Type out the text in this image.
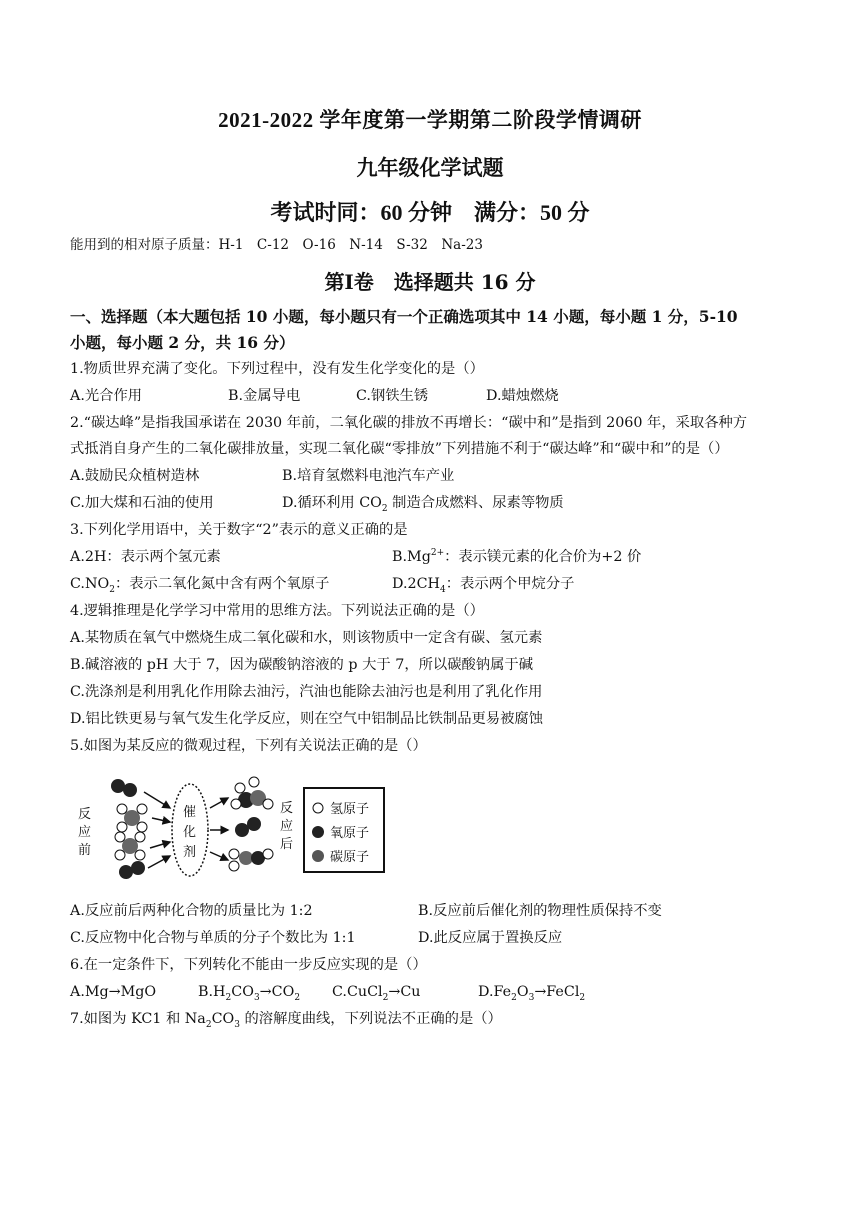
2021-2022 学年度第一学期第二阶段学情调研
九年级化学试题
考试时同：60 分钟　满分：50 分
能用到的相对原子质量：H-1　C-12　O-16　N-14　S-32　Na-23
第Ⅰ卷　选择题共 16 分
一、选择题（本大题包括 10 小题，每小题只有一个正确选项其中 14 小题，每小题 1 分，5-10
小题，每小题 2 分，共 16 分）
1.物质世界充满了变化。下列过程中，没有发生化学变化的是（）
A.光合作用	B.金属导电	C.钢铁生锈	D.蜡烛燃烧
2.“碳达峰”是指我国承诺在 2030 年前，二氧化碳的排放不再增长：“碳中和”是指到 2060 年，采取各种方
式抵消自身产生的二氧化碳排放量，实现二氧化碳“零排放”下列措施不利于“碳达峰”和“碳中和”的是（）
A.鼓励民众植树造林	B.培育氢燃料电池汽车产业
C.加大煤和石油的使用	D.循环利用 $CO_2$ 制造合成燃料、尿素等物质
3.下列化学用语中，关于数字“2”表示的意义正确的是
A.2H：表示两个氢元素	$B.Mg^{2+}$：表示镁元素的化合价为+2 价
$C.NO_2$：表示二氧化氮中含有两个氧原子	$D.2CH_4$：表示两个甲烷分子
4.逻辑推理是化学学习中常用的思维方法。下列说法正确的是（）
A.某物质在氧气中燃烧生成二氧化碳和水，则该物质中一定含有碳、氢元素
B.碱溶液的 pH 大于 7，因为碳酸钠溶液的 p 大于 7，所以碳酸钠属于碱
C.洗涤剂是利用乳化作用除去油污，汽油也能除去油污也是利用了乳化作用
D.铝比铁更易与氧气发生化学反应，则在空气中铝制品比铁制品更易被腐蚀
5.如图为某反应的微观过程，下列有关说法正确的是（）
反
应
前
催
化
剂
反
应
后
氢原子
氧原子
碳原子
A.反应前后两种化合物的质量比为 1:2	B.反应前后催化剂的物理性质保持不变
C.反应物中化合物与单质的分子个数比为 1:1	D.此反应属于置换反应
6.在一定条件下，下列转化不能由一步反应实现的是（）
A.Mg→MgO	$B.H_2CO_3\to CO_2$ C.CuCl$_2$→Cu	$D.Fe_2O_3\to FeCl_2$
7.如图为 KC1 和 $Na_2CO_3$ 的溶解度曲线，下列说法不正确的是（）
